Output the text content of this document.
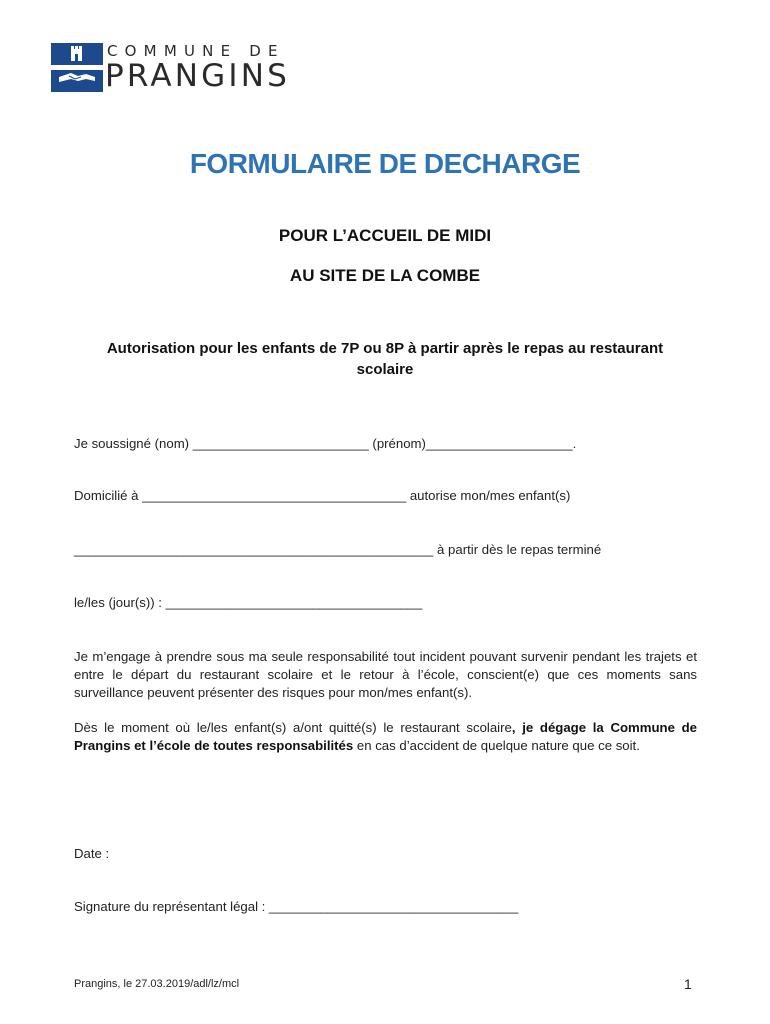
COMMUNE DE
PRANGINS
FORMULAIRE DE DECHARGE
POUR L’ACCUEIL DE MIDI
AU SITE DE LA COMBE
Autorisation pour les enfants de 7P ou 8P à partir après le repas au restaurant scolaire
Je soussigné (nom) ________________________ (prénom)____________________.
Domicilié à ____________________________________ autorise mon/mes enfant(s)
_________________________________________________ à partir dès le repas terminé
le/les (jour(s)) : ___________________________________
Je m’engage à prendre sous ma seule responsabilité tout incident pouvant survenir pendant les trajets et entre le départ du restaurant scolaire et le retour à l’école, conscient(e) que ces moments sans surveillance peuvent présenter des risques pour mon/mes enfant(s).
Dès le moment où le/les enfant(s) a/ont quitté(s) le restaurant scolaire, je dégage la Commune de Prangins et l’école de toutes responsabilités en cas d’accident de quelque nature que ce soit.
Date :
Signature du représentant légal : __________________________________
Prangins, le 27.03.2019/adl/lz/mcl	1
